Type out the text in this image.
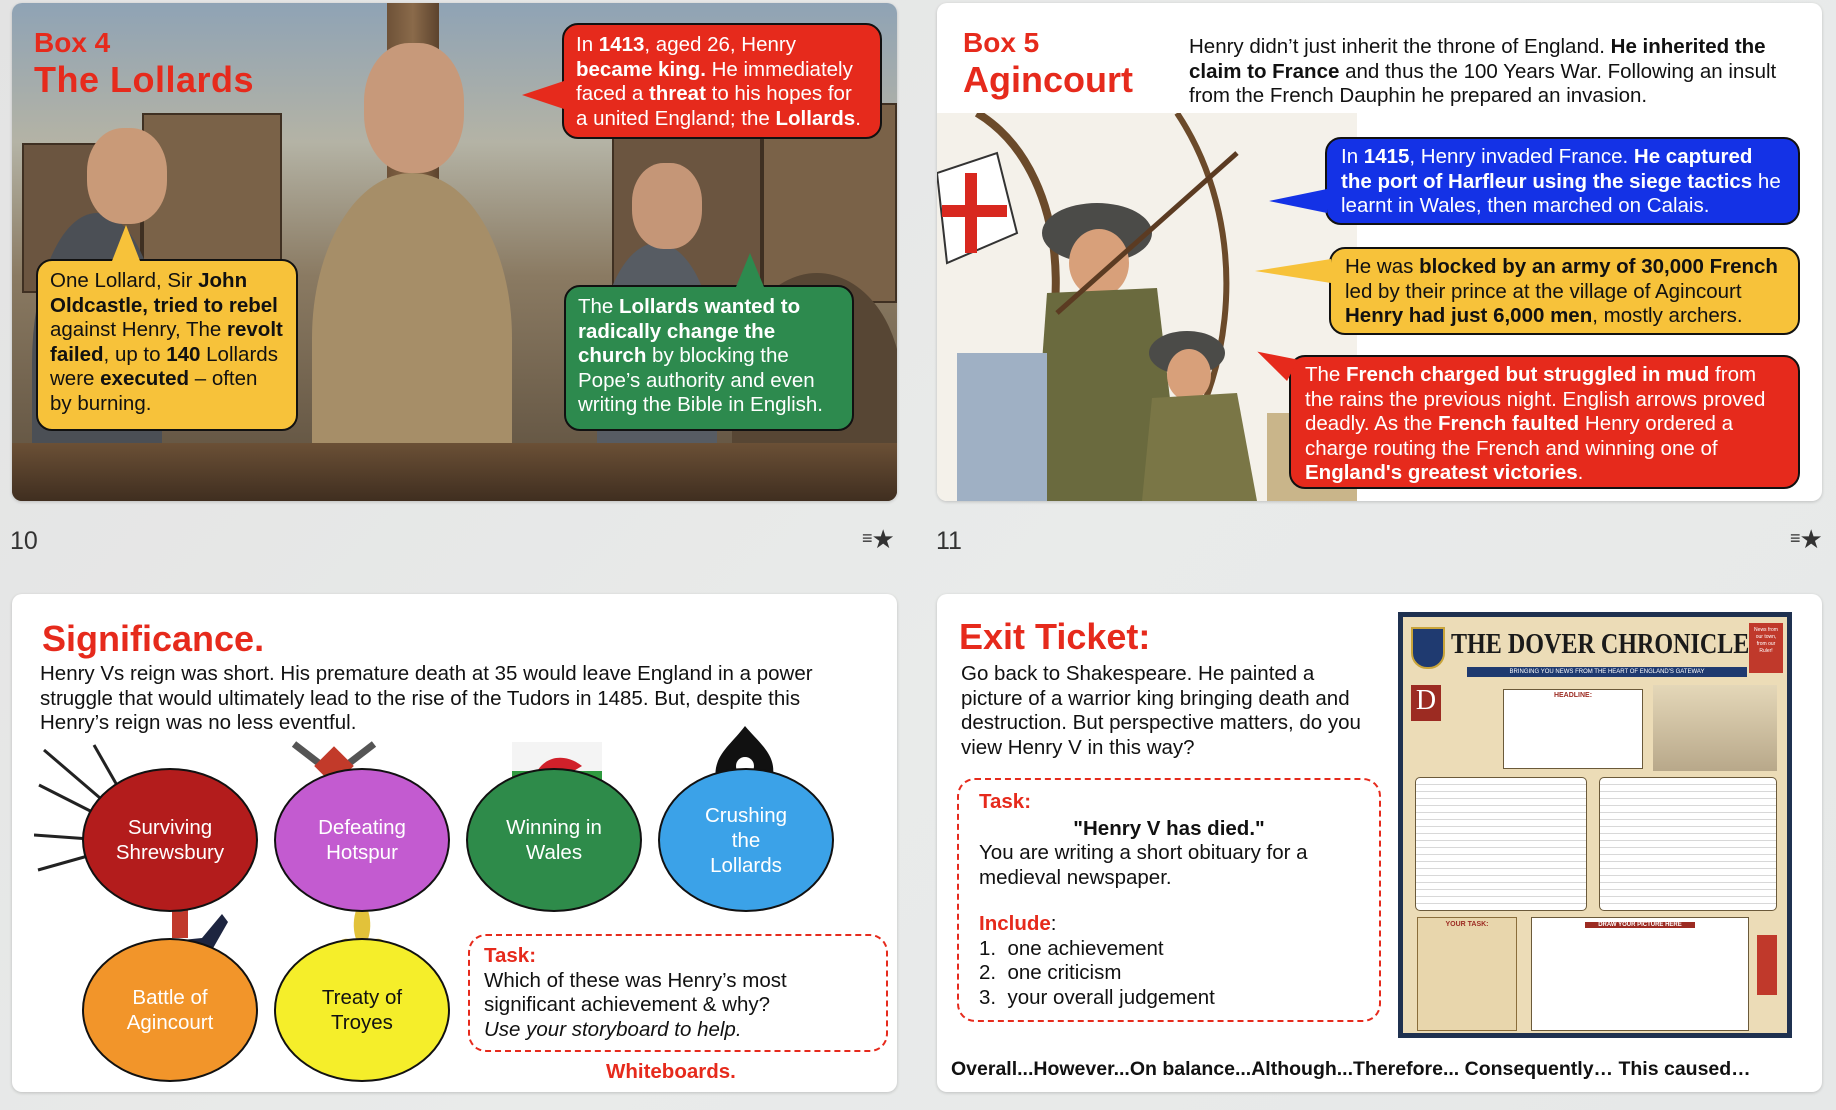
Box 4
The Lollards
In 1413, aged 26, Henry became king. He immediately faced a threat to his hopes for a united England; the Lollards.
One Lollard, Sir John Oldcastle, tried to rebel against Henry, The revolt failed, up to 140 Lollards were executed – often by burning.
The Lollards wanted to radically change the church by blocking the Pope’s authority and even writing the Bible in English.
10	≡★
Box 5
Agincourt
Henry didn’t just inherit the throne of England. He inherited the claim to France and thus the 100 Years War. Following an insult from the French Dauphin he prepared an invasion.
In 1415, Henry invaded France. He captured the port of Harfleur using the siege tactics he learnt in Wales, then marched on Calais.
He was blocked by an army of 30,000 French led by their prince at the village of Agincourt Henry had just 6,000 men, mostly archers.
The French charged but struggled in mud from the rains the previous night. English arrows proved deadly. As the French faulted Henry ordered a charge routing the French and winning one of England's greatest victories.
11	≡★
Significance.
Henry Vs reign was short. His premature death at 35 would leave England in a power struggle that would ultimately lead to the rise of the Tudors in 1485. But, despite this Henry’s reign was no less eventful.
Surviving Shrewsbury
Defeating Hotspur
Winning in Wales
Crushing the Lollards
Battle of Agincourt
Treaty of Troyes
Task:
Which of these was Henry’s most significant achievement & why?
Use your storyboard to help.
Whiteboards.
Exit Ticket:
Go back to Shakespeare. He painted a picture of a warrior king bringing death and destruction. But perspective matters, do you view Henry V in this way?
Task:
"Henry V has died."
You are writing a short obituary for a medieval newspaper.
Include:
1.  one achievement
2.  one criticism
3.  your overall judgement
Overall...However...On balance...Although...Therefore... Consequently… This caused…
THE DOVER CHRONICLE News from our town, from our Ruler!
BRINGING YOU NEWS FROM THE HEART OF ENGLAND'S GATEWAY
D	HEADLINE:
YOUR TASK:	DRAW YOUR PICTURE HERE
